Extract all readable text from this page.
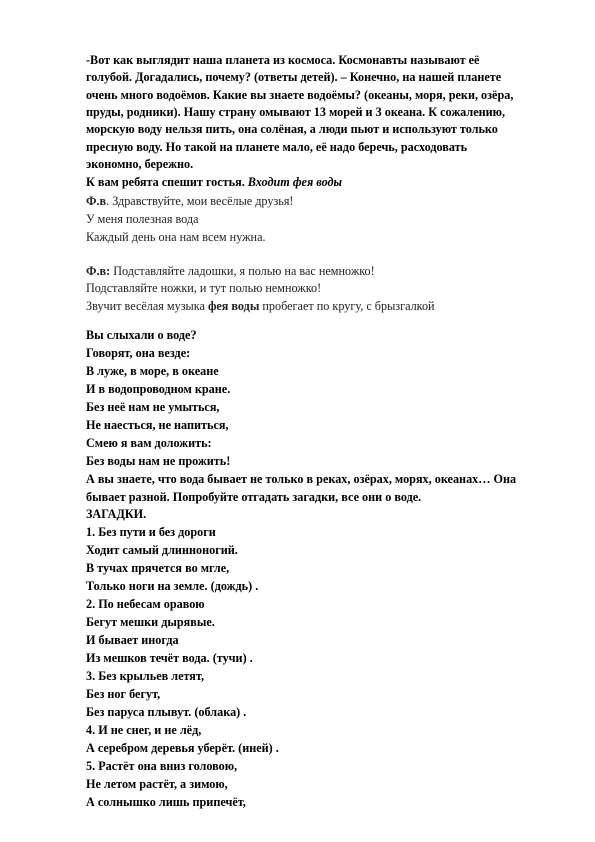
-Вот как выглядит наша планета из космоса. Космонавты называют её

голубой. Догадались, почему? (ответы детей). – Конечно, на нашей планете

очень много водоёмов. Какие вы знаете водоёмы? (океаны, моря, реки, озёра,

пруды, родники). Нашу страну омывают 13 морей и 3 океана. К сожалению,

морскую воду нельзя пить, она солёная, а люди пьют и используют только

пресную воду. Но такой на планете мало, её надо беречь, расходовать

экономно, бережно.

К вам ребята спешит гостья. Входит фея воды

Ф.в. Здравствуйте, мои весёлые друзья!

У меня полезная вода

Каждый день она нам всем нужна.

Ф.в: Подставляйте ладошки, я полью на вас немножко!

Подставляйте ножки, и тут полью немножко!

Звучит весёлая музыка фея воды пробегает по кругу, с брызгалкой

Вы слыхали о воде?

Говорят, она везде:

В луже, в море, в океане

И в водопроводном кране.

Без неё нам не умыться,

Не наесться, не напиться,

Смею я вам доложить:

Без воды нам не прожить!

А вы знаете, что вода бывает не только в реках, озёрах, морях, океанах… Она

бывает разной. Попробуйте отгадать загадки, все они о воде.

ЗАГАДКИ.

1. Без пути и без дороги

Ходит самый длинноногий.

В тучах прячется во мгле,

Только ноги на земле. (дождь) .

2. По небесам оравою

Бегут мешки дырявые.

И бывает иногда

Из мешков течёт вода. (тучи) .

3. Без крыльев летят,

Без ног бегут,

Без паруса плывут. (облака) .

4. И не снег, и не лёд,

А серебром деревья уберёт. (иней) .

5. Растёт она вниз головою,

Не летом растёт, а зимою,

А солнышко лишь припечёт,
